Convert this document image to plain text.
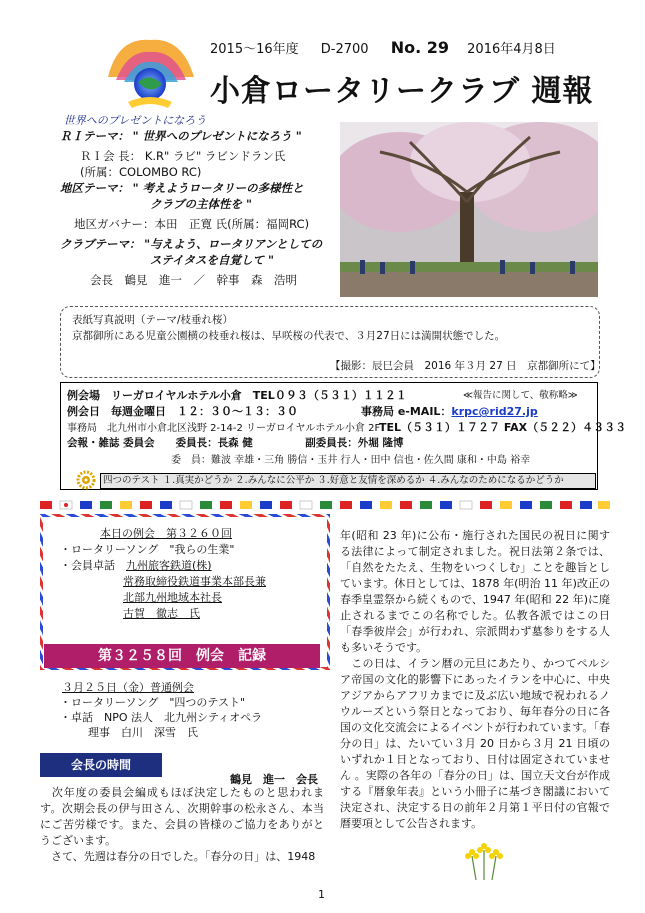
2015～16年度 D-2700 No. 29 2016年4月8日
小倉ロータリークラブ 週報
世界へのプレゼントになろう
ＲＩテーマ： " 世界へのプレゼントになろう "
ＲＩ会 長： K.R" ラビ" ラビンドラン氏
(所属：COLOMBO RC)
地区テーマ： " 考えようロータリーの多様性と
クラブの主体性を "
地区ガバナー：本田　正寛 氏(所属：福岡RC)
クラブテーマ： "与えよう、ロータリアンとしての
ステイタスを自覚して "
会長　鶴見　進一　／　幹事　森　浩明
表紙写真説明（テーマ/枝垂れ桜）
京都御所にある児童公園横の枝垂れ桜は、早咲桜の代表で、３月27日には満開状態でした。
【撮影：辰巳会員　2016 年３月 27 日　京都御所にて】
例会場　リーガロイヤルホテル小倉　TEL０９３（５３１）１１２１	≪報告に関して、敬称略≫
例会日　毎週金曜日　１２：３０～１３：３０	事務局 e-MAIL：krpc@rid27.jp
事務局　北九州市小倉北区浅野 2-14-2 リーガロイヤルホテル小倉 2F
TEL（５３１）１７２７ FAX（５２２）４３３３
会報・雑誌 委員会　　委員長：長森 健　　　　　副委員長：外堀 隆博
委　員：難波 幸雄・三角 勝信・玉井 行人・田中 信也・佐久間 康和・中島 裕幸
四つのテスト １.真実かどうか ２.みんなに公平か ３.好意と友情を深めるか ４.みんなのためになるかどうか
本日の例会　第３２６０回
・ロータリーソング　"我らの生業"
・会員卓話　 九州旅客鉄道(株)
常務取締役鉄道事業本部長兼
北部九州地域本社長
古賀　徹志　氏
第３２５８回　例会　記録
３月２５日（金）普通例会
・ロータリーソング　"四つのテスト"
・卓話　NPO 法人　北九州シティオペラ
理事　白川　深雪　氏
会長の時間
鶴見　進一　会長
　次年度の委員会編成もほぼ決定したものと思われます。次期会長の伊与田さん、次期幹事の松永さん、本当にご苦労様です。また、会員の皆様のご協力をありがとうございます。
　さて、先週は春分の日でした。「春分の日」は、1948
年(昭和 23 年)に公布・施行された国民の祝日に関する法律によって制定されました。祝日法第２条では、「自然をたたえ、生物をいつくしむ」ことを趣旨としています。休日としては、1878 年(明治 11 年)改正の春季皇霊祭から続くもので、1947 年(昭和 22 年)に廃止されるまでこの名称でした。仏教各派ではこの日「春季彼岸会」が行われ、宗派問わず墓参りをする人も多いそうです。
　この日は、イラン暦の元旦にあたり、かつてペルシア帝国の文化的影響下にあったイランを中心に、中央アジアからアフリカまでに及ぶ広い地域で祝われるノウルーズという祭日となっており、毎年春分の日に各国の文化交流会によるイベントが行われています。「春分の日」は、たいてい３月 20 日から３月 21 日頃のいずれか１日となっており、日付は固定されていません 。実際の各年の「春分の日」は、国立天文台が作成する『暦象年表』という小冊子に基づき閣議において決定され、決定する日の前年２月第１平日付の官報で暦要項として公告されます。
1
